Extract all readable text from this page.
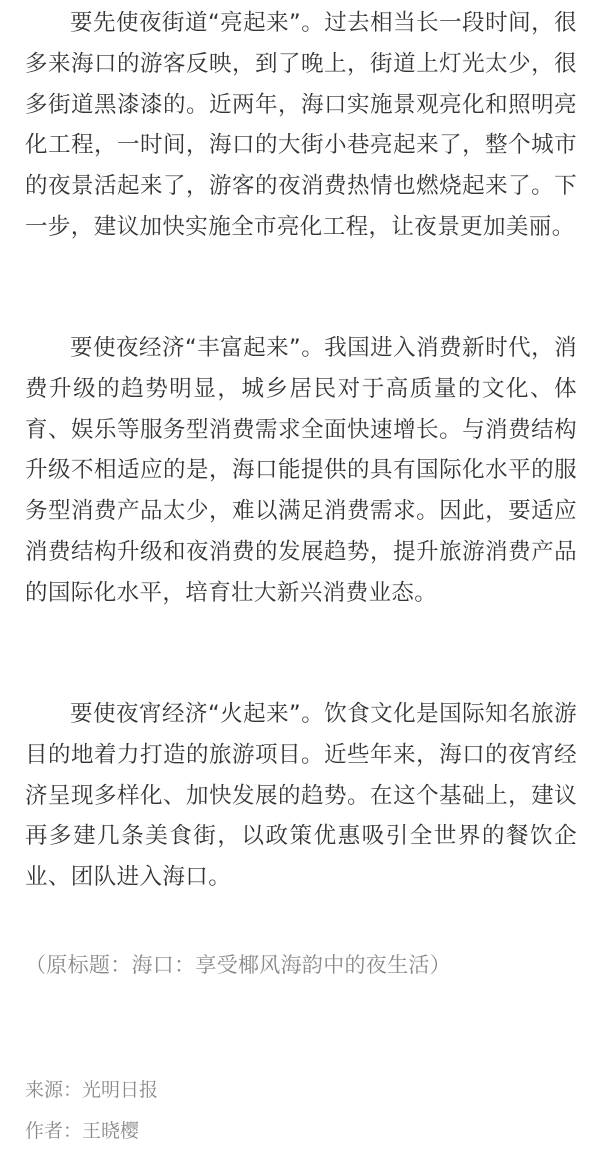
要先使夜街道“亮起来”。过去相当长一段时间，很多来海口的游客反映，到了晚上，街道上灯光太少，很多街道黑漆漆的。近两年，海口实施景观亮化和照明亮化工程，一时间，海口的大街小巷亮起来了，整个城市的夜景活起来了，游客的夜消费热情也燃烧起来了。下一步，建议加快实施全市亮化工程，让夜景更加美丽。

要使夜经济“丰富起来”。我国进入消费新时代，消费升级的趋势明显，城乡居民对于高质量的文化、体育、娱乐等服务型消费需求全面快速增长。与消费结构升级不相适应的是，海口能提供的具有国际化水平的服务型消费产品太少，难以满足消费需求。因此，要适应消费结构升级和夜消费的发展趋势，提升旅游消费产品的国际化水平，培育壮大新兴消费业态。

要使夜宵经济“火起来”。饮食文化是国际知名旅游目的地着力打造的旅游项目。近些年来，海口的夜宵经济呈现多样化、加快发展的趋势。在这个基础上，建议再多建几条美食街，以政策优惠吸引全世界的餐饮企业、团队进入海口。

（原标题：海口：享受椰风海韵中的夜生活）

来源：光明日报

作者：王晓樱
